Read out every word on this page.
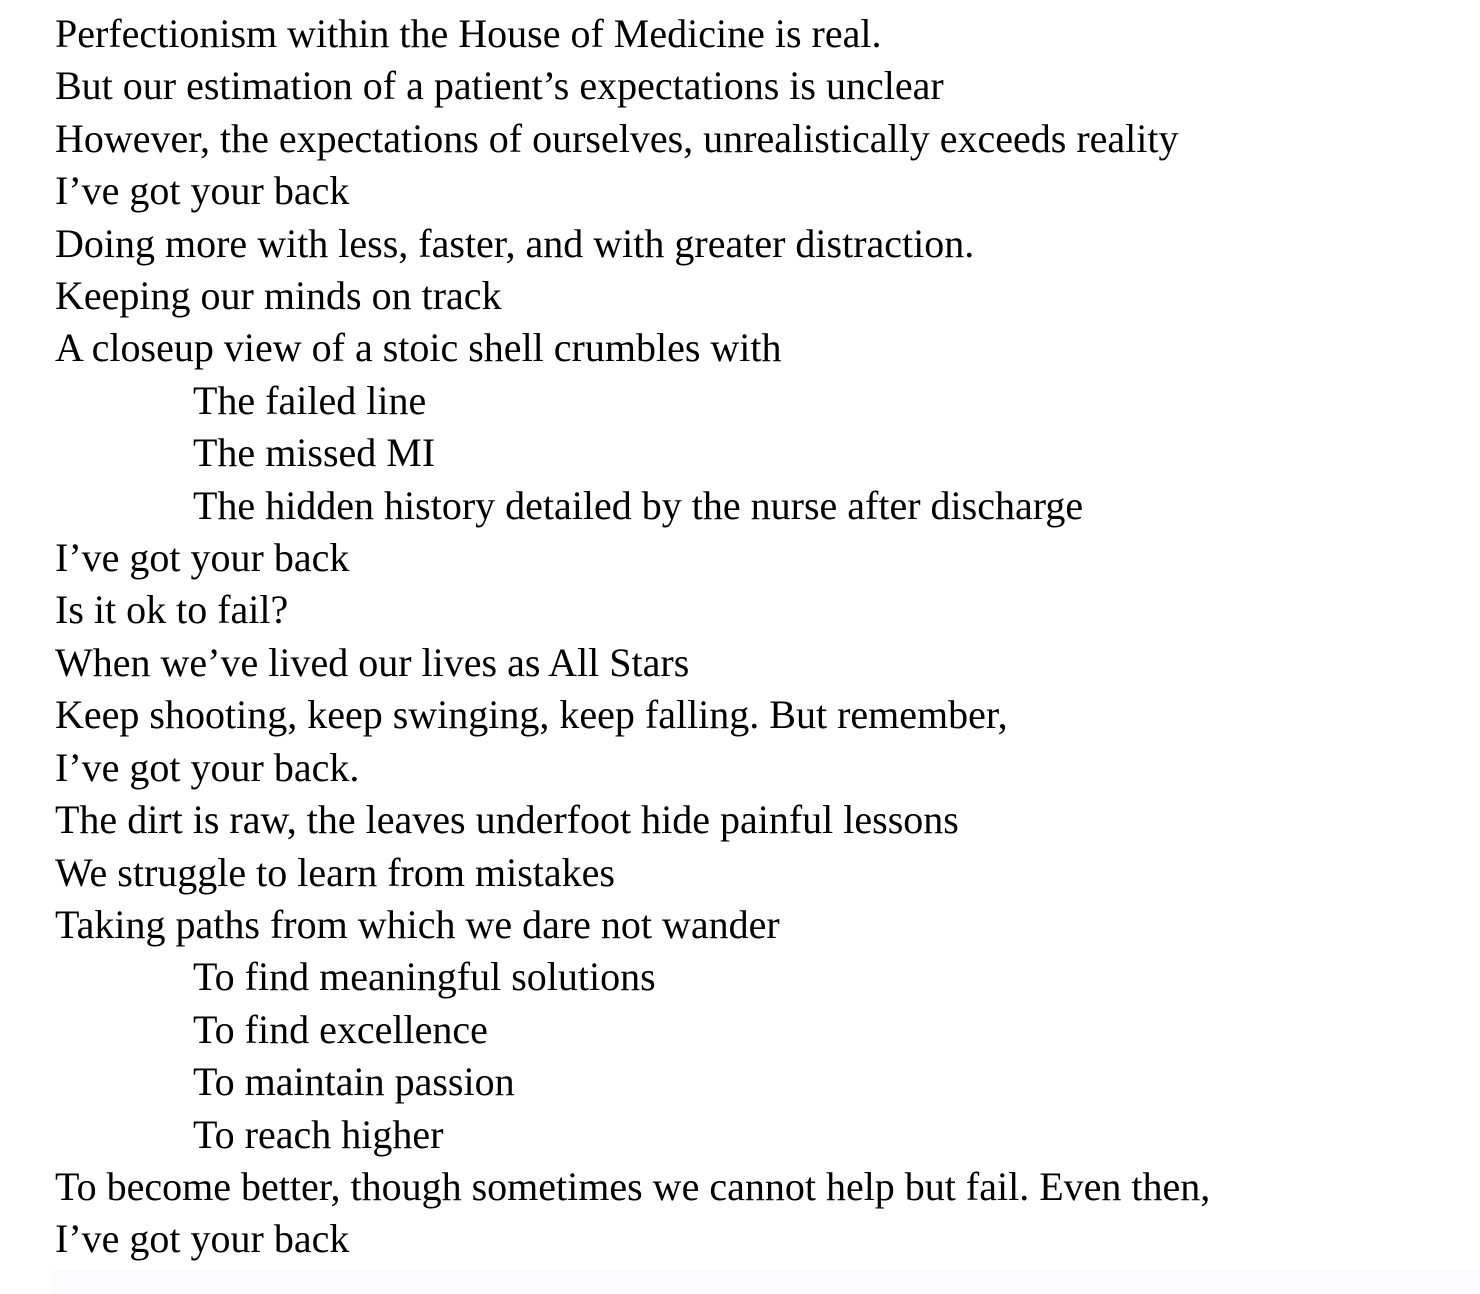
Perfectionism within the House of Medicine is real.
But our estimation of a patient’s expectations is unclear
However, the expectations of ourselves, unrealistically exceeds reality
I’ve got your back
Doing more with less, faster, and with greater distraction.
Keeping our minds on track
A closeup view of a stoic shell crumbles with
The failed line
The missed MI
The hidden history detailed by the nurse after discharge
I’ve got your back
Is it ok to fail?
When we’ve lived our lives as All Stars
Keep shooting, keep swinging, keep falling. But remember,
I’ve got your back.
The dirt is raw, the leaves underfoot hide painful lessons
We struggle to learn from mistakes
Taking paths from which we dare not wander
To find meaningful solutions
To find excellence
To maintain passion
To reach higher
To become better, though sometimes we cannot help but fail. Even then,
I’ve got your back
